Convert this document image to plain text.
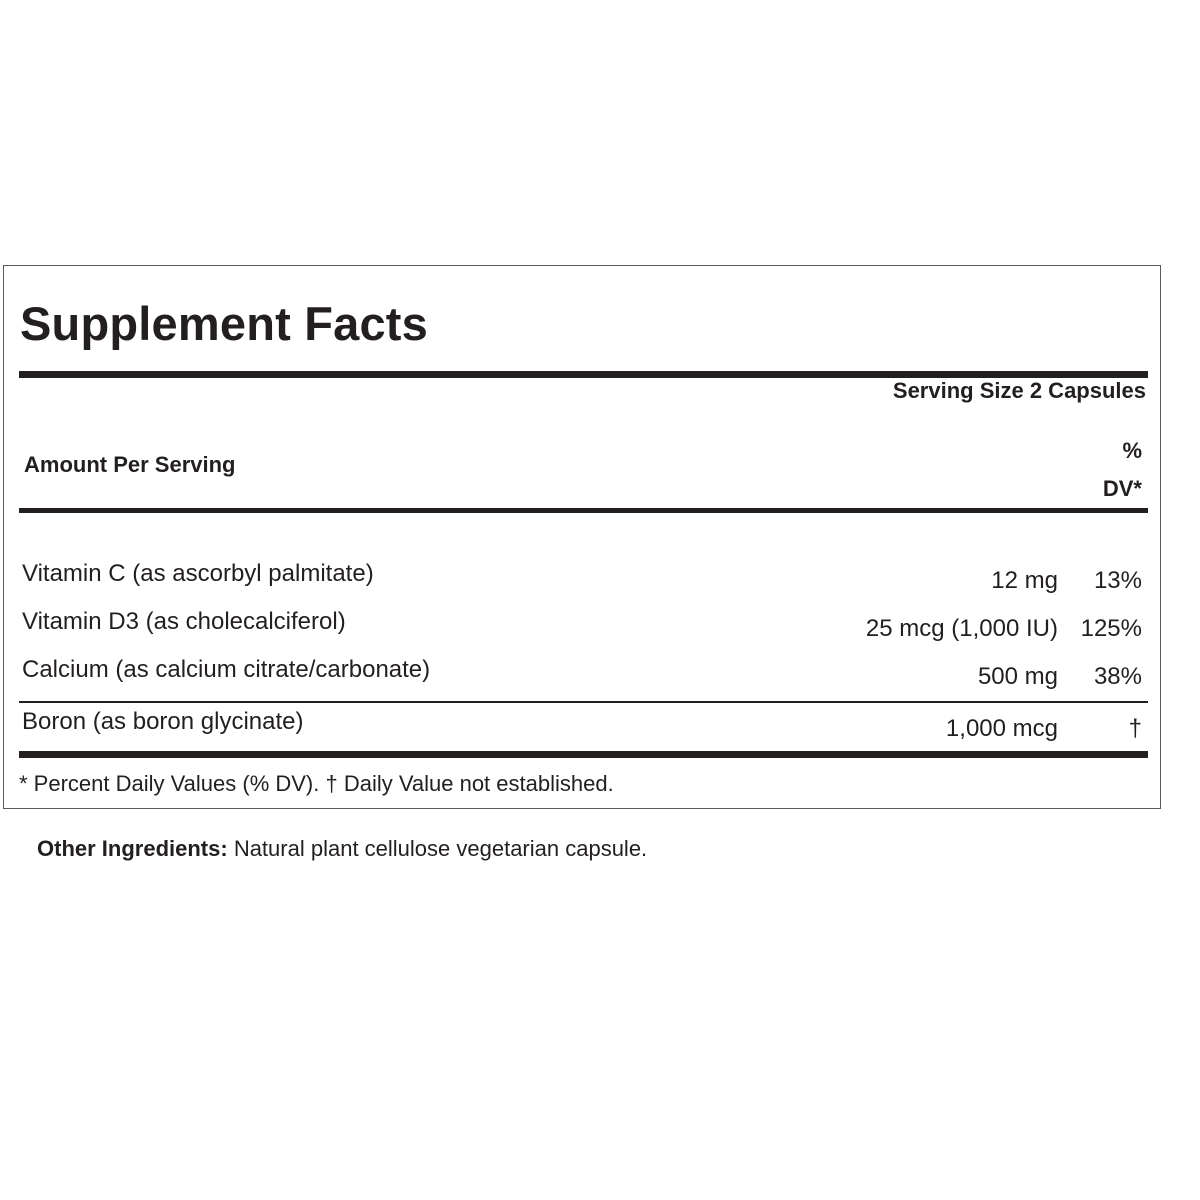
Supplement Facts
Serving Size 2 Capsules
Amount Per Serving
%
DV*
Vitamin C (as ascorbyl palmitate)	12 mg 13%
Vitamin D3 (as cholecalciferol)	25 mcg (1,000 IU) 125%
Calcium (as calcium citrate/carbonate)	500 mg 38%
Boron (as boron glycinate)	1,000 mcg	†
* Percent Daily Values (% DV). † Daily Value not established.
Other Ingredients: Natural plant cellulose vegetarian capsule.
